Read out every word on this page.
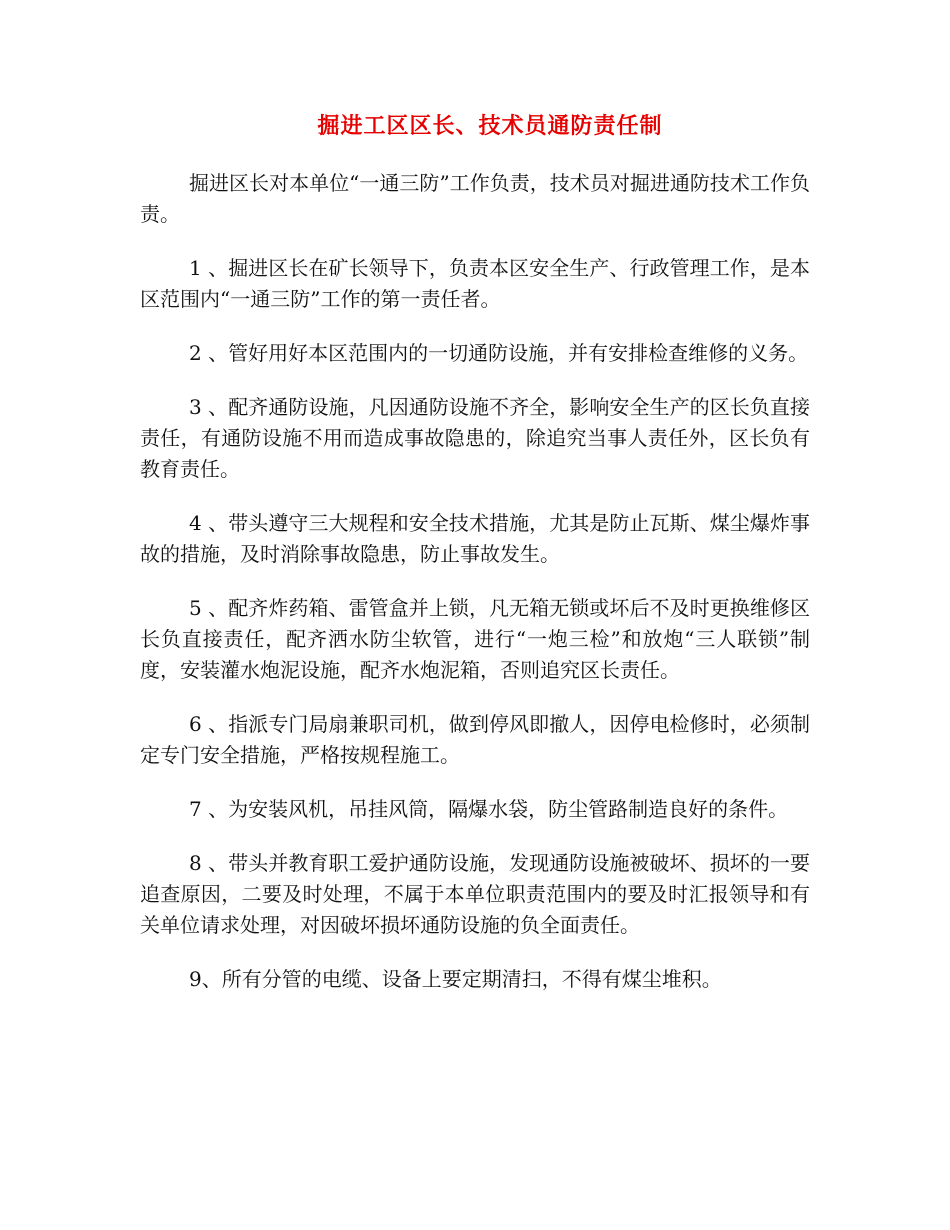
掘进工区区长、技术员通防责任制

掘进区长对本单位“一通三防”工作负责，技术员对掘进通防技术工作负责。

1 、掘进区长在矿长领导下，负责本区安全生产、行政管理工作，是本区范围内“一通三防”工作的第一责任者。

2 、管好用好本区范围内的一切通防设施，并有安排检查维修的义务。

3 、配齐通防设施，凡因通防设施不齐全，影响安全生产的区长负直接责任，有通防设施不用而造成事故隐患的，除追究当事人责任外，区长负有教育责任。

4 、带头遵守三大规程和安全技术措施，尤其是防止瓦斯、煤尘爆炸事故的措施，及时消除事故隐患，防止事故发生。

5 、配齐炸药箱、雷管盒并上锁，凡无箱无锁或坏后不及时更换维修区长负直接责任，配齐洒水防尘软管，进行“一炮三检”和放炮“三人联锁”制度，安装灌水炮泥设施，配齐水炮泥箱，否则追究区长责任。

6 、指派专门局扇兼职司机，做到停风即撤人，因停电检修时，必须制定专门安全措施，严格按规程施工。

7 、为安装风机，吊挂风筒，隔爆水袋，防尘管路制造良好的条件。

8 、带头并教育职工爱护通防设施，发现通防设施被破坏、损坏的一要追查原因，二要及时处理，不属于本单位职责范围内的要及时汇报领导和有关单位请求处理，对因破坏损坏通防设施的负全面责任。

9、所有分管的电缆、设备上要定期清扫，不得有煤尘堆积。
